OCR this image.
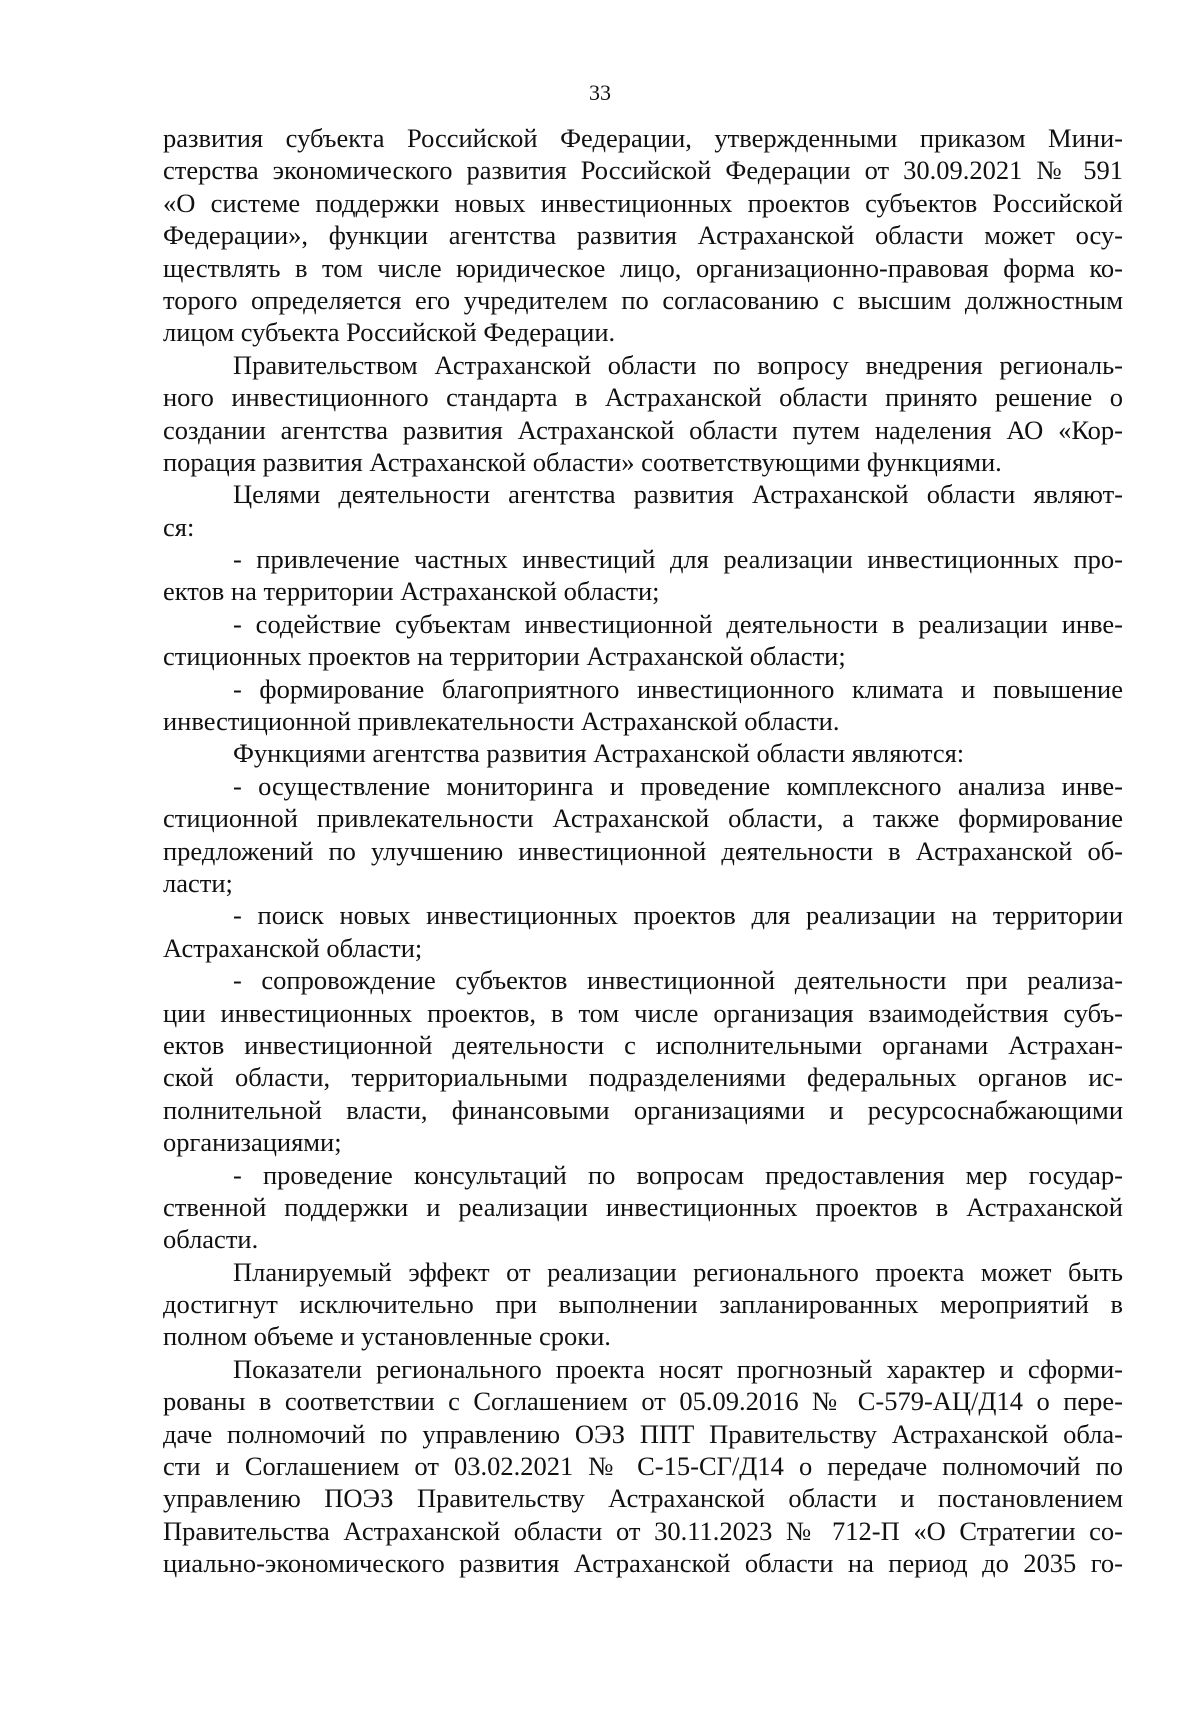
33
развития субъекта Российской Федерации, утвержденными приказом Мини-
стерства экономического развития Российской Федерации от 30.09.2021 № 591
«О системе поддержки новых инвестиционных проектов субъектов Российской
Федерации», функции агентства развития Астраханской области может осу-
ществлять в том числе юридическое лицо, организационно-правовая форма ко-
торого определяется его учредителем по согласованию с высшим должностным
лицом субъекта Российской Федерации.
Правительством Астраханской области по вопросу внедрения региональ-
ного инвестиционного стандарта в Астраханской области принято решение о
создании агентства развития Астраханской области путем наделения АО «Кор-
порация развития Астраханской области» соответствующими функциями.
Целями деятельности агентства развития Астраханской области являют-
ся:
- привлечение частных инвестиций для реализации инвестиционных про-
ектов на территории Астраханской области;
- содействие субъектам инвестиционной деятельности в реализации инве-
стиционных проектов на территории Астраханской области;
- формирование благоприятного инвестиционного климата и повышение
инвестиционной привлекательности Астраханской области.
Функциями агентства развития Астраханской области являются:
- осуществление мониторинга и проведение комплексного анализа инве-
стиционной привлекательности Астраханской области, а также формирование
предложений по улучшению инвестиционной деятельности в Астраханской об-
ласти;
- поиск новых инвестиционных проектов для реализации на территории
Астраханской области;
- сопровождение субъектов инвестиционной деятельности при реализа-
ции инвестиционных проектов, в том числе организация взаимодействия субъ-
ектов инвестиционной деятельности с исполнительными органами Астрахан-
ской области, территориальными подразделениями федеральных органов ис-
полнительной власти, финансовыми организациями и ресурсоснабжающими
организациями;
- проведение консультаций по вопросам предоставления мер государ-
ственной поддержки и реализации инвестиционных проектов в Астраханской
области.
Планируемый эффект от реализации регионального проекта может быть
достигнут исключительно при выполнении запланированных мероприятий в
полном объеме и установленные сроки.
Показатели регионального проекта носят прогнозный характер и сформи-
рованы в соответствии с Соглашением от 05.09.2016 № С-579-АЦ/Д14 о пере-
даче полномочий по управлению ОЭЗ ППТ Правительству Астраханской обла-
сти и Соглашением от 03.02.2021 № С-15-СГ/Д14 о передаче полномочий по
управлению ПОЭЗ Правительству Астраханской области и постановлением
Правительства Астраханской области от 30.11.2023 № 712-П «О Стратегии со-
циально-экономического развития Астраханской области на период до 2035 го-
